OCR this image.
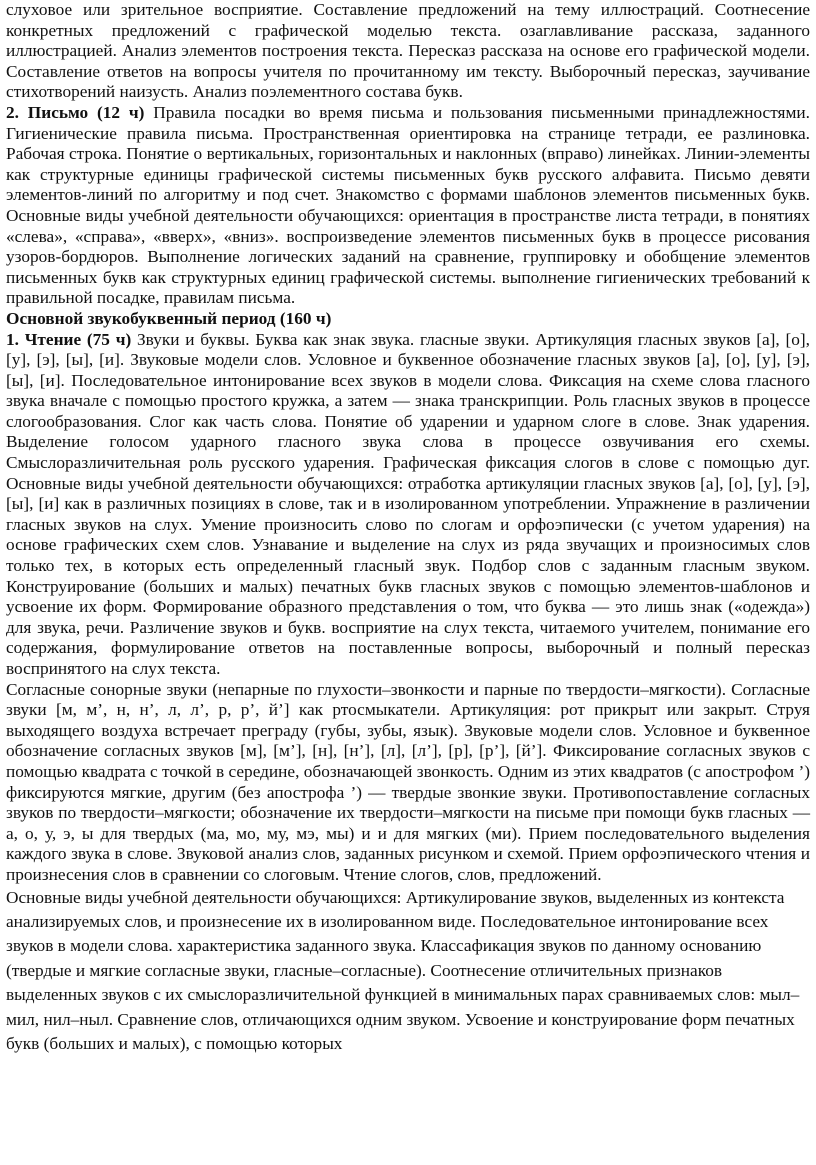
слуховое или зрительное восприятие. Составление предложений на тему иллюстраций. Соотнесение конкретных предложений с графической моделью текста. озаглавливание рассказа, заданного иллюстрацией. Анализ элементов построения текста. Пересказ рассказа на основе его графической модели. Составление ответов на вопросы учителя по прочитанному им тексту. Выборочный пересказ, заучивание стихотворений наизусть. Анализ поэлементного состава букв.

2. Письмо (12 ч) Правила посадки во время письма и пользования письменными принадлежностями. Гигиенические правила письма. Пространственная ориентировка на странице тетради, ее разлиновка. Рабочая строка. Понятие о вертикальных, горизонтальных и наклонных (вправо) линейках. Линии-элементы как структурные единицы графической системы письменных букв русского алфавита. Письмо девяти элементов-линий по алгоритму и под счет. Знакомство с формами шаблонов элементов письменных букв. Основные виды учебной деятельности обучающихся: ориентация в пространстве листа тетради, в понятиях «слева», «справа», «вверх», «вниз». воспроизведение элементов письменных букв в процессе рисования узоров-бордюров. Выполнение логических заданий на сравнение, группировку и обобщение элементов письменных букв как структурных единиц графической системы. выполнение гигиенических требований к правильной посадке, правилам письма.

Основной звукобуквенный период (160 ч)

1. Чтение (75 ч) Звуки и буквы. Буква как знак звука. гласные звуки. Артикуляция гласных звуков [а], [о], [у], [э], [ы], [и]. Звуковые модели слов. Условное и буквенное обозначение гласных звуков [а], [о], [у], [э], [ы], [и]. Последовательное интонирование всех звуков в модели слова. Фиксация на схеме слова гласного звука вначале с помощью простого кружка, а затем — знака транскрипции. Роль гласных звуков в процессе слогообразования. Слог как часть слова. Понятие об ударении и ударном слоге в слове. Знак ударения. Выделение голосом ударного гласного звука слова в процессе озвучивания его схемы. Смыслоразличительная роль русского ударения. Графическая фиксация слогов в слове с помощью дуг. Основные виды учебной деятельности обучающихся: отработка артикуляции гласных звуков [а], [о], [у], [э], [ы], [и] как в различных позициях в слове, так и в изолированном употреблении. Упражнение в различении гласных звуков на слух. Умение произносить слово по слогам и орфоэпически (с учетом ударения) на основе графических схем слов. Узнавание и выделение на слух из ряда звучащих и произносимых слов только тех, в которых есть определенный гласный звук. Подбор слов с заданным гласным звуком. Конструирование (больших и малых) печатных букв гласных звуков с помощью элементов-шаблонов и усвоение их форм. Формирование образного представления о том, что буква — это лишь знак («одежда») для звука, речи. Различение звуков и букв. восприятие на слух текста, читаемого учителем, понимание его содержания, формулирование ответов на поставленные вопросы, выборочный и полный пересказ воспринятого на слух текста.

Согласные сонорные звуки (непарные по глухости–звонкости и парные по твердости–мягкости). Согласные звуки [м, м’, н, н’, л, л’, р, р’, й’] как ртосмыкатели. Артикуляция: рот прикрыт или закрыт. Струя выходящего воздуха встречает преграду (губы, зубы, язык). Звуковые модели слов. Условное и буквенное обозначение согласных звуков [м], [м’], [н], [н’], [л], [л’], [р], [р’], [й’]. Фиксирование согласных звуков с помощью квадрата с точкой в середине, обозначающей звонкость. Одним из этих квадратов (с апострофом ’) фиксируются мягкие, другим (без апострофа ’) — твердые звонкие звуки. Противопоставление согласных звуков по твердости–мягкости; обозначение их твердости–мягкости на письме при помощи букв гласных — а, о, у, э, ы для твердых (ма, мо, му, мэ, мы) и и для мягких (ми). Прием последовательного выделения каждого звука в слове. Звуковой анализ слов, заданных рисунком и схемой. Прием орфоэпического чтения и произнесения слов в сравнении со слоговым. Чтение слогов, слов, предложений.

Основные виды учебной деятельности обучающихся: Артикулирование звуков, выделенных из контекста анализируемых слов, и произнесение их в изолированном виде. Последовательное интонирование всех звуков в модели слова. характеристика заданного звука. Классафикация звуков по данному основанию (твердые и мягкие согласные звуки, гласные–согласные). Соотнесение отличительных признаков выделенных звуков с их смыслоразличительной функцией в минимальных парах сравниваемых слов: мыл–мил, нил–ныл. Сравнение слов, отличающихся одним звуком. Усвоение и конструирование форм печатных букв (больших и малых), с помощью которых
